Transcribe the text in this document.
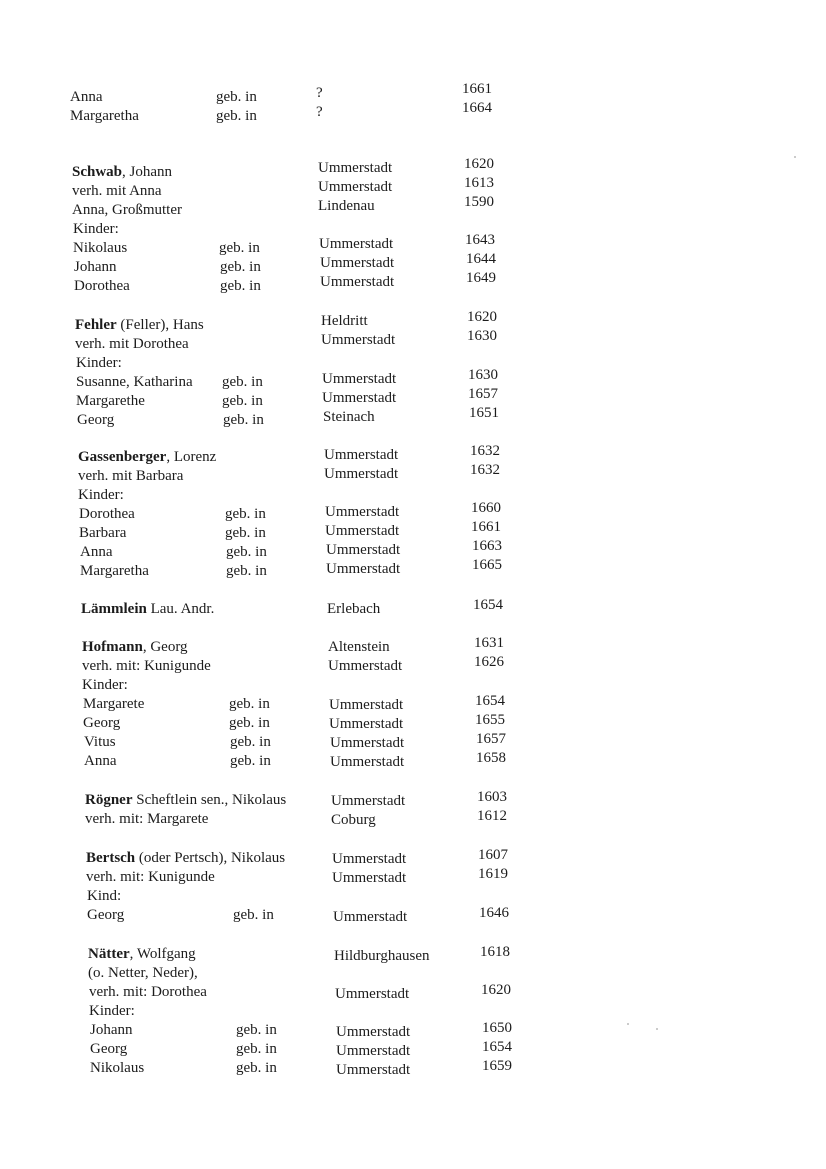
Anna	geb. in	?	1661
Margaretha	geb. in	?	1664
Schwab, Johann	Ummerstadt	1620
verh. mit Anna	Ummerstadt	1613
Anna, Großmutter	Lindenau	1590
Kinder:
Nikolaus	geb. in	Ummerstadt	1643
Johann	geb. in	Ummerstadt	1644
Dorothea	geb. in	Ummerstadt	1649
Fehler (Feller), Hans	Heldritt	1620
verh. mit Dorothea	Ummerstadt	1630
Kinder:
Susanne, Katharina geb. in	Ummerstadt	1630
Margarethe	geb. in	Ummerstadt	1657
Georg	geb. in	Steinach	1651
Gassenberger, Lorenz	Ummerstadt	1632
verh. mit Barbara	Ummerstadt	1632
Kinder:
Dorothea	geb. in	Ummerstadt	1660
Barbara	geb. in	Ummerstadt	1661
Anna	geb. in	Ummerstadt	1663
Margaretha	geb. in	Ummerstadt	1665
Lämmlein Lau. Andr.	Erlebach	1654
Hofmann, Georg	Altenstein	1631
verh. mit: Kunigunde	Ummerstadt	1626
Kinder:
Margarete	geb. in	Ummerstadt	1654
Georg	geb. in	Ummerstadt	1655
Vitus	geb. in	Ummerstadt	1657
Anna	geb. in	Ummerstadt	1658
Rögner Scheftlein sen., Nikolaus	Ummerstadt	1603
verh. mit: Margarete	Coburg	1612
Bertsch (oder Pertsch), Nikolaus	Ummerstadt	1607
verh. mit: Kunigunde	Ummerstadt	1619
Kind:
Georg	geb. in	Ummerstadt	1646
Nätter, Wolfgang	Hildburghausen	1618
(o. Netter, Neder),
verh. mit: Dorothea	Ummerstadt	1620
Kinder:
Johann	geb. in	Ummerstadt	1650
Georg	geb. in	Ummerstadt	1654
Nikolaus	geb. in	Ummerstadt	1659
